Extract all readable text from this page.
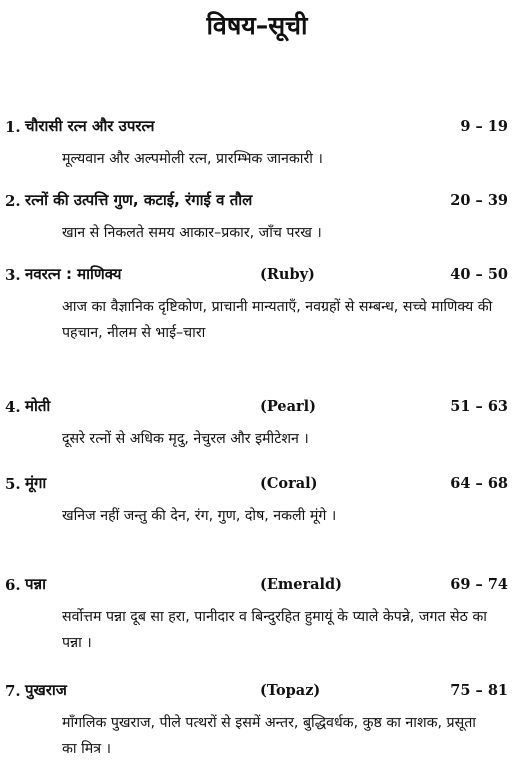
विषय–सूची
1. चौरासी रत्न और उपरत्न	9 – 19
मूल्यवान और अल्पमोली रत्न, प्रारम्भिक जानकारी ।
2. रत्नों की उत्पत्ति गुण, कटाई, रंगाई व तौल	20 – 39
खान से निकलते समय आकार–प्रकार, जाँच परख ।
3. नवरत्न : माणिक्य	(Ruby)	40 – 50
आज का वैज्ञानिक दृष्टिकोण, प्राचानी मान्यताएँ, नवग्रहों से सम्बन्ध, सच्चे माणिक्य की पहचान, नीलम से भाई–चारा
4. मोती	(Pearl)	51 – 63
दूसरे रत्नों से अधिक मृदु, नेचुरल और इमीटेशन ।
5. मूंगा	(Coral)	64 – 68
खनिज नहीं जन्तु की देन, रंग, गुण, दोष, नकली मूंगे ।
6. पन्ना	(Emerald)	69 – 74
सर्वोत्तम पन्ना दूब सा हरा, पानीदार व बिन्दुरहित हुमायूं के प्याले केपन्ने, जगत सेठ का पन्ना ।
7. पुखराज	(Topaz)	75 – 81
माँगलिक पुखराज, पीले पत्थरों से इसमें अन्तर, बुद्धिवर्धक, कुष्ठ का नाशक, प्रसूता का मित्र ।
